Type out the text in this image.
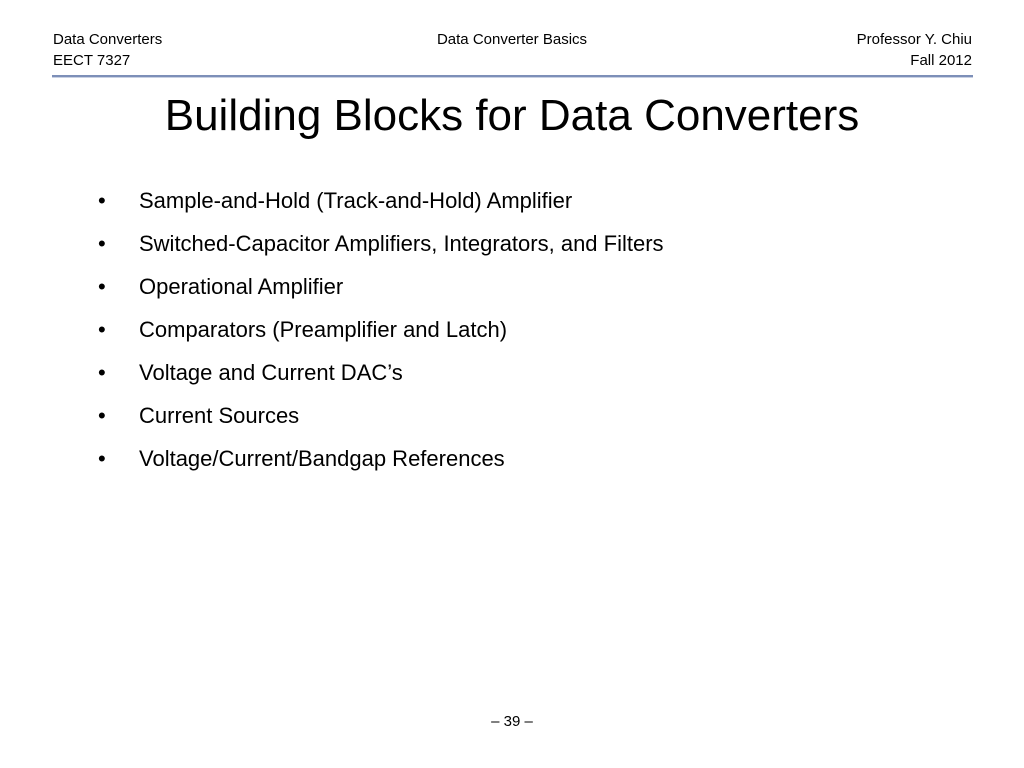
Data Converters
EECT 7327
Data Converter Basics	Professor Y. Chiu
Fall 2012
Building Blocks for Data Converters
•	Sample-and-Hold (Track-and-Hold) Amplifier
•	Switched-Capacitor Amplifiers, Integrators, and Filters
•	Operational Amplifier
•	Comparators (Preamplifier and Latch)
•	Voltage and Current DAC’s
•	Current Sources
•	Voltage/Current/Bandgap References
– 39 –
